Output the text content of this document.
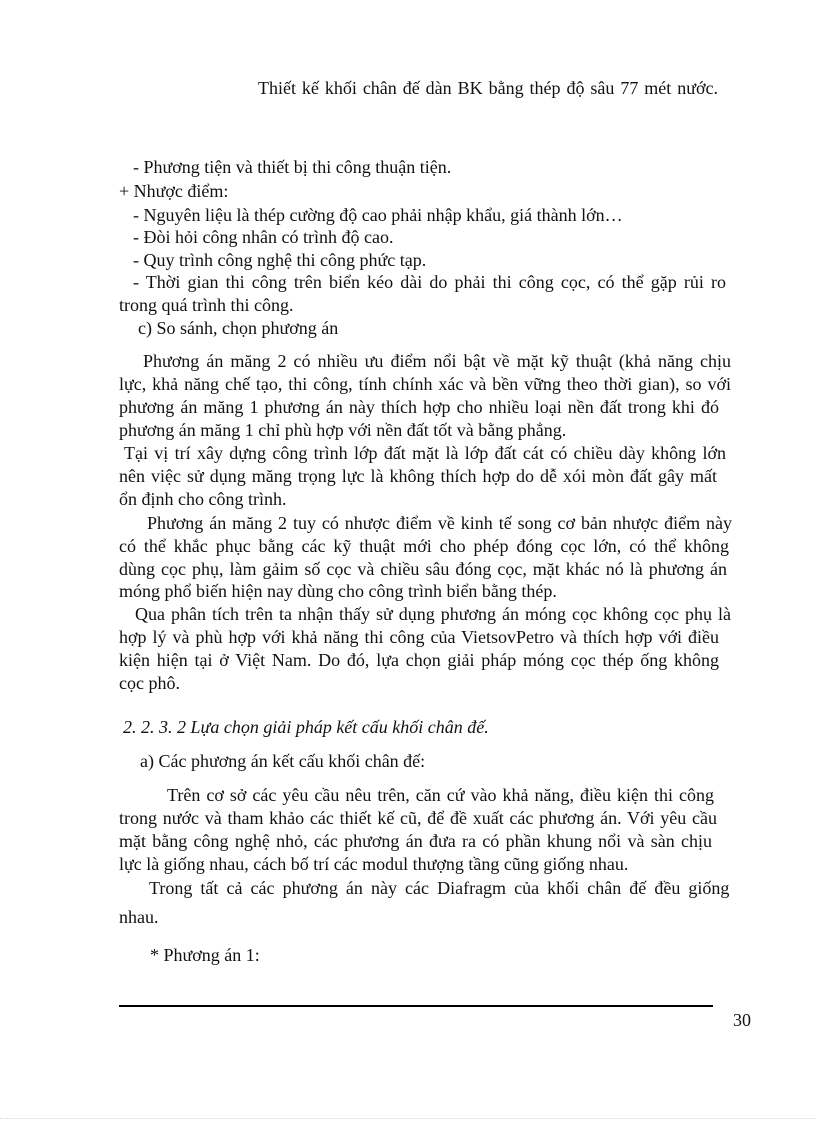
Thiết kế khối chân đế dàn BK bằng thép độ sâu 77 mét nước.
- Phương tiện và thiết bị thi công thuận tiện.
+ Nhược điểm:
- Nguyên liệu là thép cường độ cao phải nhập khẩu, giá thành lớn…
- Đòi hỏi công nhân có trình độ cao.
- Quy trình công nghệ thi công phức tạp.
- Thời gian thi công trên biển kéo dài do phải thi công cọc, có thể gặp rủi ro
trong quá trình thi công.
c) So sánh, chọn phương án
Phương án măng 2 có nhiều ưu điểm nổi bật về mặt kỹ thuật (khả năng chịu
lực, khả năng chế tạo, thi công, tính chính xác và bền vững theo thời gian), so với
phương án măng 1 phương án này thích hợp cho nhiều loại nền đất trong khi đó
phương án măng 1 chỉ phù hợp với nền đất tốt và bằng phẳng.
Tại vị trí xây dựng công trình lớp đất mặt là lớp đất cát có chiều dày không lớn
nên việc sử dụng măng trọng lực là không thích hợp do dễ xói mòn đất gây mất
ổn định cho công trình.
Phương án măng 2 tuy có nhược điểm về kinh tế song cơ bản nhược điểm này
có thể khắc phục bằng các kỹ thuật mới cho phép đóng cọc lớn, có thể không
dùng cọc phụ, làm gảim số cọc và chiều sâu đóng cọc, mặt khác nó là phương án
móng phổ biến hiện nay dùng cho công trình biển bằng thép.
Qua phân tích trên ta nhận thấy sử dụng phương án móng cọc không cọc phụ là
hợp lý và phù hợp với khả năng thi công của VietsovPetro và thích hợp với điều
kiện hiện tại ở Việt Nam. Do đó, lựa chọn giải pháp móng cọc thép ống không
cọc phô.
2. 2. 3. 2 Lựa chọn giải pháp kết cấu khối chân đế.
a) Các phương án kết cấu khối chân đế:
Trên cơ sở các yêu cầu nêu trên, căn cứ vào khả năng, điều kiện thi công
trong nước và tham khảo các thiết kế cũ, để đề xuất các phương án. Với yêu cầu
mặt bằng công nghệ nhỏ, các phương án đưa ra có phần khung nổi và sàn chịu
lực là giống nhau, cách bố trí các modul thượng tầng cũng giống nhau.
Trong tất cả các phương án này các Diafragm của khối chân đế đều giống
nhau.
* Phương án 1:
30
